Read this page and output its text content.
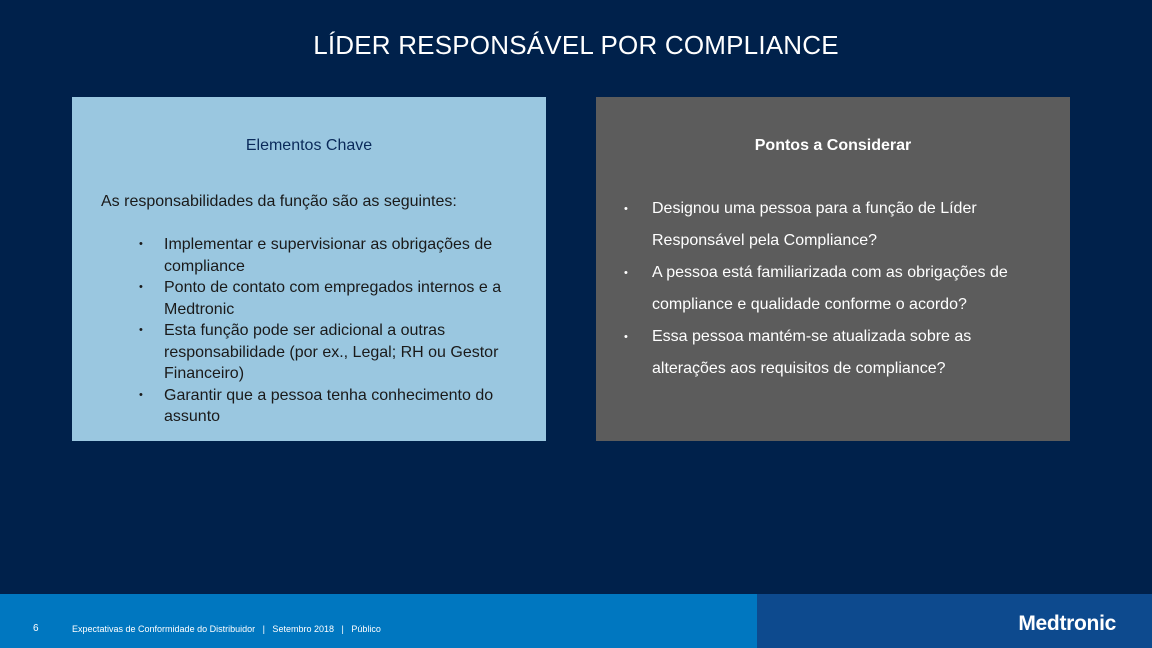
LÍDER RESPONSÁVEL POR COMPLIANCE
Elementos Chave
As responsabilidades da função são as seguintes:
• Implementar e supervisionar as obrigações de compliance
• Ponto de contato com empregados internos e a Medtronic
• Esta função pode ser adicional a outras responsabilidade (por ex., Legal; RH ou Gestor Financeiro)
• Garantir que a pessoa tenha conhecimento do assunto
Pontos a Considerar
• Designou uma pessoa para a função de Líder Responsável pela Compliance?
• A pessoa está familiarizada com as obrigações de compliance e qualidade conforme o acordo?
• Essa pessoa mantém-se atualizada sobre as alterações aos requisitos de compliance?
6	Expectativas de Conformidade do Distribuidor   |   Setembro 2018   |   Público	Medtronic
